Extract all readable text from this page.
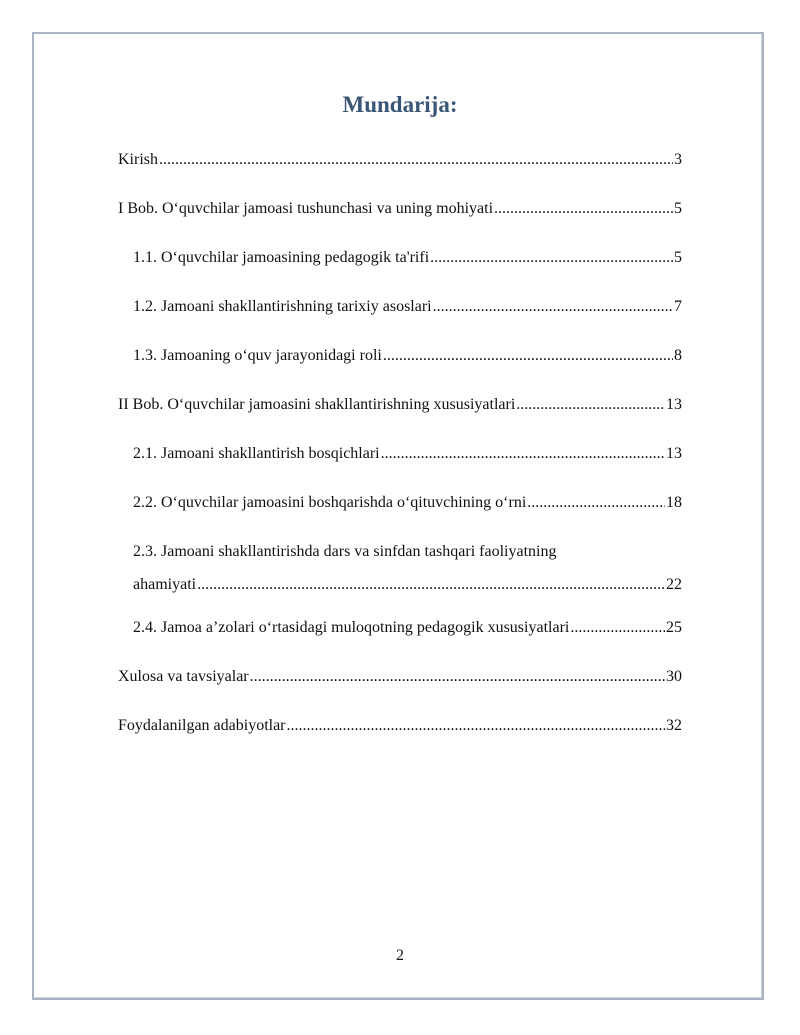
Mundarija:
Kirish .....	3
I Bob. O‘quvchilar jamoasi tushunchasi va uning mohiyati .....	5
1.1. O‘quvchilar jamoasining pedagogik ta'rifi .....	5
1.2. Jamoani shakllantirishning tarixiy asoslari .....	7
1.3. Jamoaning o‘quv jarayonidagi roli .....	8
II Bob. O‘quvchilar jamoasini shakllantirishning xususiyatlari .....	13
2.1. Jamoani shakllantirish bosqichlari .....	13
2.2. O‘quvchilar jamoasini boshqarishda o‘qituvchining o‘rni .....	18
2.3. Jamoani shakllantirishda dars va sinfdan tashqari faoliyatning
ahamiyati .....	22
2.4. Jamoa a’zolari o‘rtasidagi muloqotning pedagogik xususiyatlari .....	25
Xulosa va tavsiyalar .....	30
Foydalanilgan adabiyotlar .....	32
2
